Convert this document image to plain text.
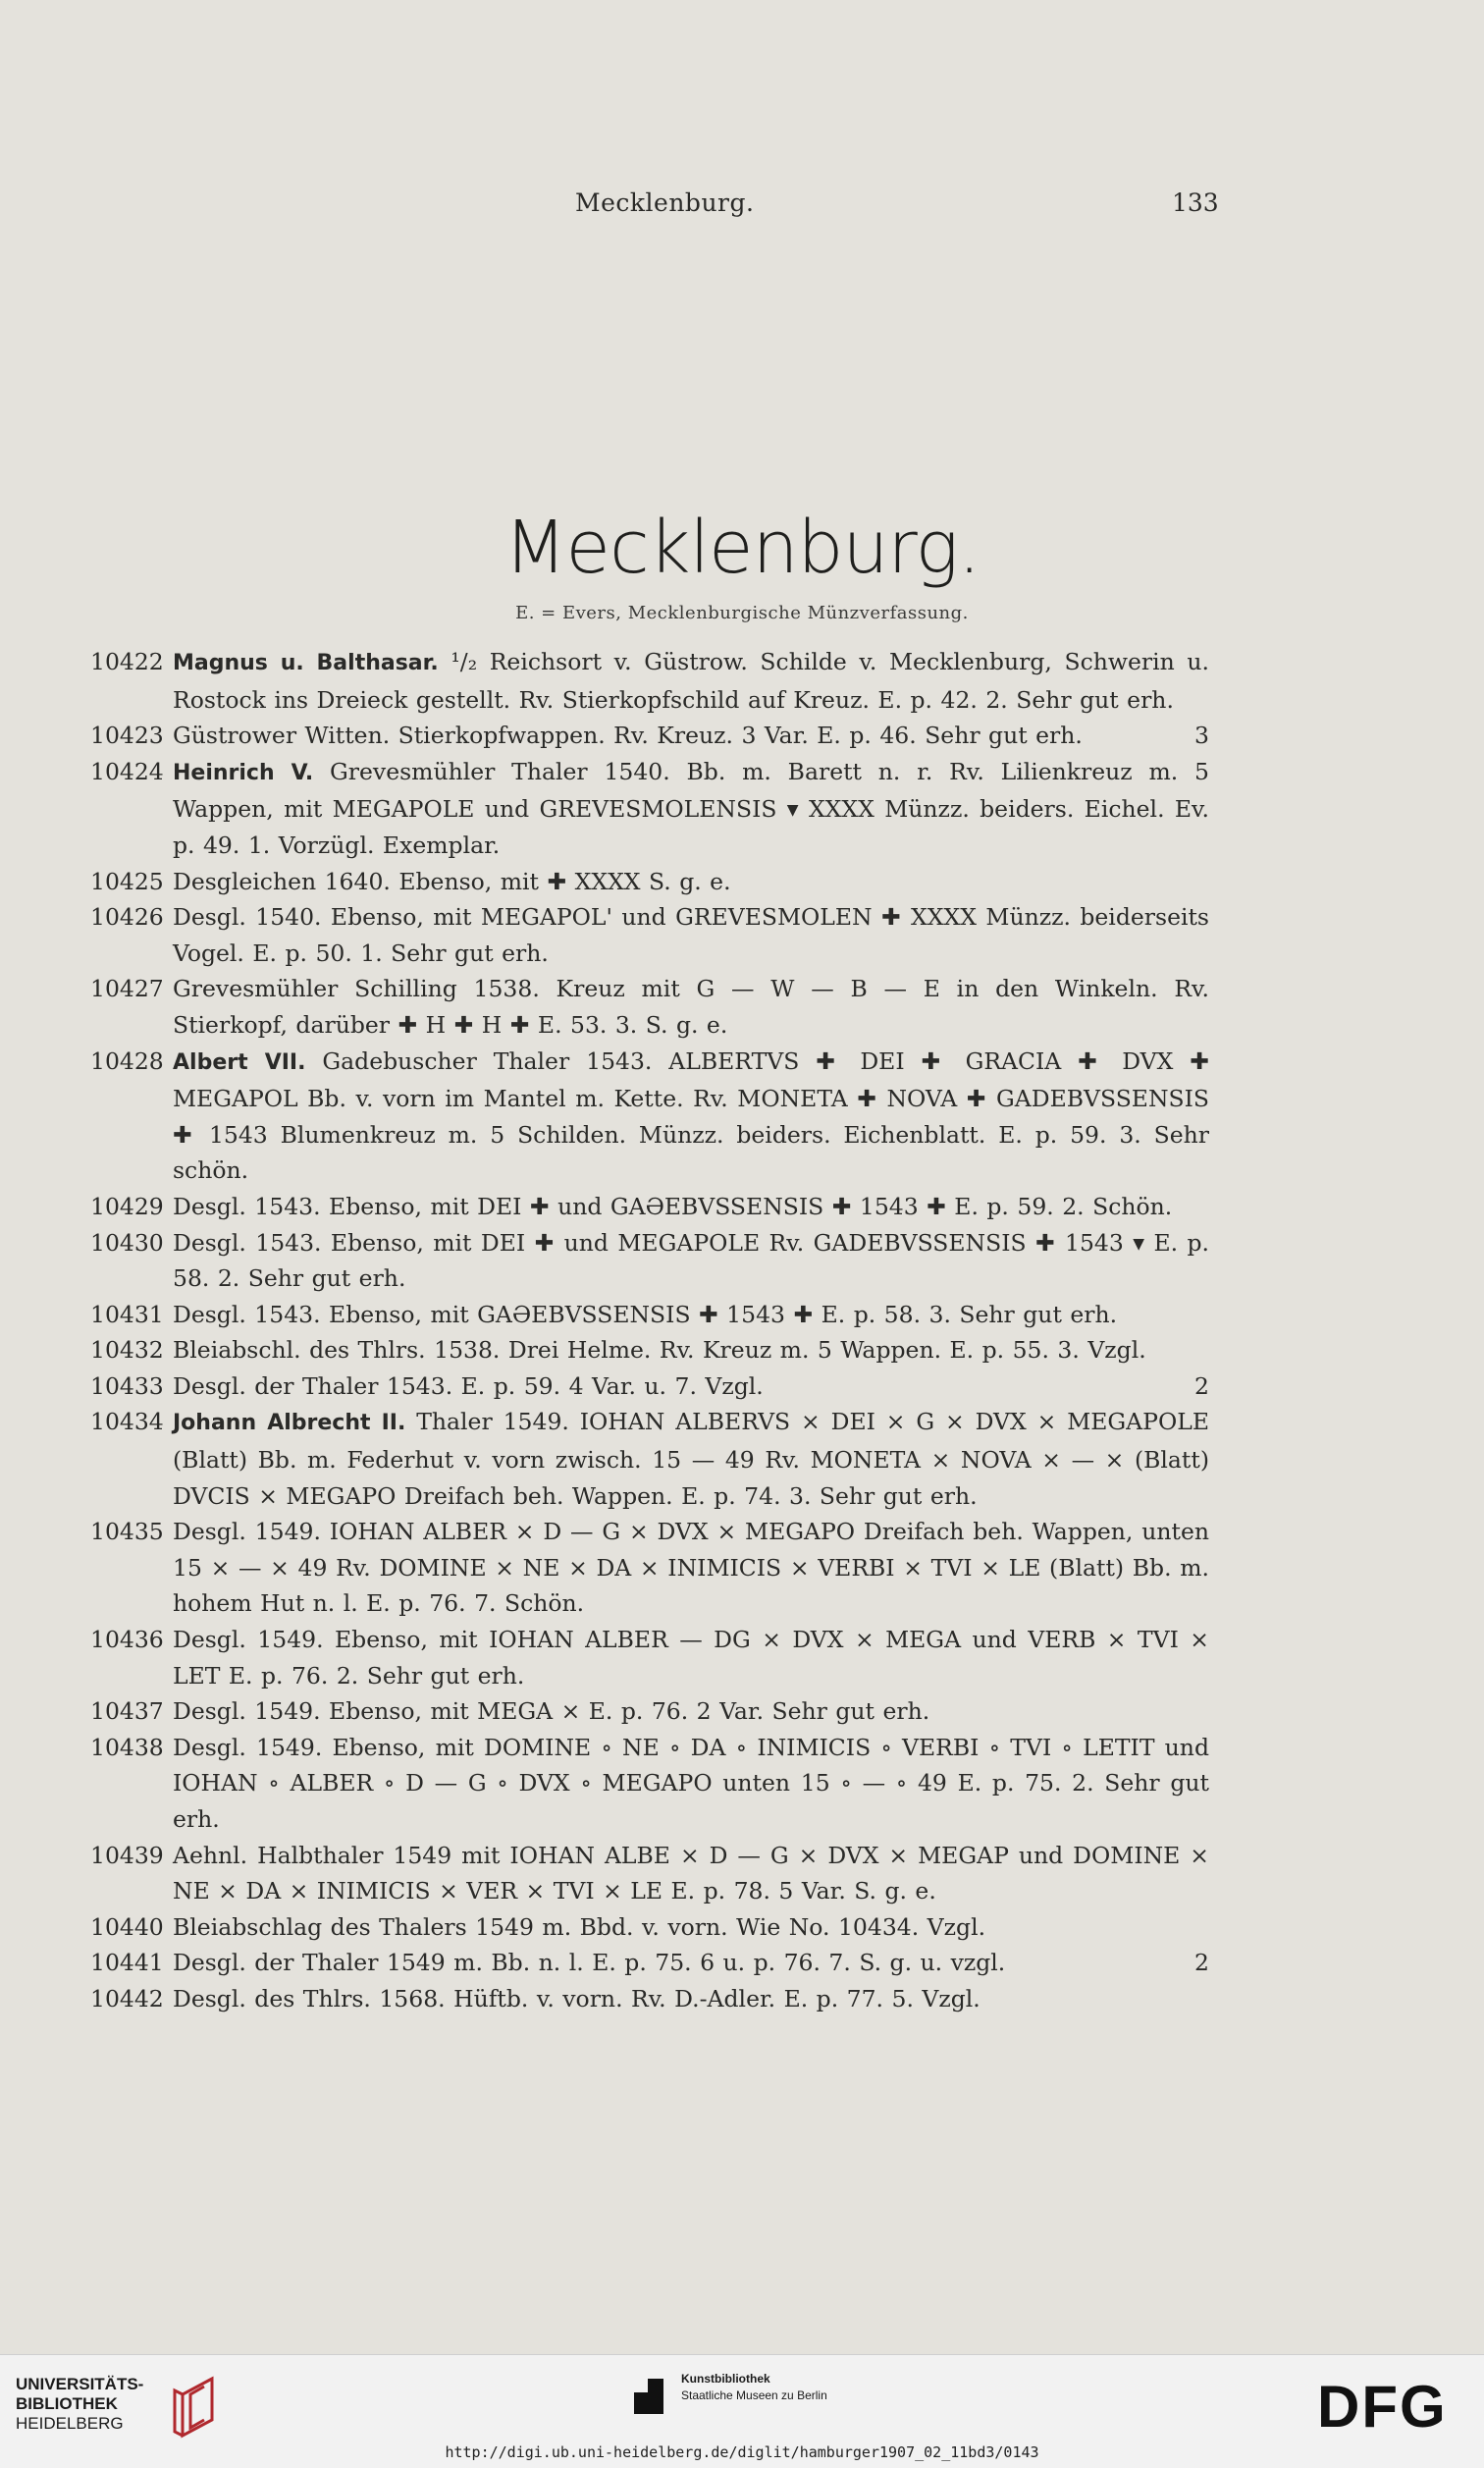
Mecklenburg.	133
Mecklenburg.
E. = Evers, Mecklenburgische Münzverfassung.
10422 Magnus u. Balthasar. ¹/₂ Reichsort v. Güstrow. Schilde v. Mecklenburg, Schwerin u. Rostock ins Dreieck gestellt. Rv. Stierkopfschild auf Kreuz. E. p. 42. 2. Sehr gut erh.
10423 Güstrower Witten. Stierkopfwappen. Rv. Kreuz. 3 Var. E. p. 46. Sehr gut erh.	3
10424 Heinrich V. Grevesmühler Thaler 1540. Bb. m. Barett n. r. Rv. Lilienkreuz m. 5 Wappen, mit MEGAPOLE und GREVESMOLENSIS ▾ XXXX Münzz. beiders. Eichel. Ev. p. 49. 1. Vorzügl. Exemplar.
10425 Desgleichen 1640. Ebenso, mit ✚ XXXX S. g. e.
10426 Desgl. 1540. Ebenso, mit MEGAPOL' und GREVESMOLEN ✚ XXXX Münzz. beiderseits Vogel. E. p. 50. 1. Sehr gut erh.
10427 Grevesmühler Schilling 1538. Kreuz mit G — W — B — E in den Winkeln. Rv. Stierkopf, darüber ✚ H ✚ H ✚ E. 53. 3. S. g. e.
10428 Albert VII. Gadebuscher Thaler 1543. ALBERTVS ✚ DEI ✚ GRACIA ✚ DVX ✚ MEGAPOL Bb. v. vorn im Mantel m. Kette. Rv. MONETA ✚ NOVA ✚ GADEBVSSENSIS ✚ 1543 Blumenkreuz m. 5 Schilden. Münzz. beiders. Eichenblatt. E. p. 59. 3. Sehr schön.
10429 Desgl. 1543. Ebenso, mit DEI ✚ und GAƏEBVSSENSIS ✚ 1543 ✚ E. p. 59. 2. Schön.
10430 Desgl. 1543. Ebenso, mit DEI ✚ und MEGAPOLE Rv. GADEBVSSENSIS ✚ 1543 ▾ E. p. 58. 2. Sehr gut erh.
10431 Desgl. 1543. Ebenso, mit GAƏEBVSSENSIS ✚ 1543 ✚ E. p. 58. 3. Sehr gut erh.
10432 Bleiabschl. des Thlrs. 1538. Drei Helme. Rv. Kreuz m. 5 Wappen. E. p. 55. 3. Vzgl.
10433 Desgl. der Thaler 1543. E. p. 59. 4 Var. u. 7. Vzgl.	2
10434 Johann Albrecht II. Thaler 1549. IOHAN ALBERVS × DEI × G × DVX × MEGAPOLE (Blatt) Bb. m. Federhut v. vorn zwisch. 15 — 49 Rv. MONETA × NOVA × — × (Blatt) DVCIS × MEGAPO Dreifach beh. Wappen. E. p. 74. 3. Sehr gut erh.
10435 Desgl. 1549. IOHAN ALBER × D — G × DVX × MEGAPO Dreifach beh. Wappen, unten 15 × — × 49 Rv. DOMINE × NE × DA × INIMICIS × VERBI × TVI × LE (Blatt) Bb. m. hohem Hut n. l. E. p. 76. 7. Schön.
10436 Desgl. 1549. Ebenso, mit IOHAN ALBER — DG × DVX × MEGA und VERB × TVI × LET E. p. 76. 2. Sehr gut erh.
10437 Desgl. 1549. Ebenso, mit MEGA × E. p. 76. 2 Var. Sehr gut erh.
10438 Desgl. 1549. Ebenso, mit DOMINE ∘ NE ∘ DA ∘ INIMICIS ∘ VERBI ∘ TVI ∘ LETIT und IOHAN ∘ ALBER ∘ D — G ∘ DVX ∘ MEGAPO unten 15 ∘ — ∘ 49 E. p. 75. 2. Sehr gut erh.
10439 Aehnl. Halbthaler 1549 mit IOHAN ALBE × D — G × DVX × MEGAP und DOMINE × NE × DA × INIMICIS × VER × TVI × LE E. p. 78. 5 Var. S. g. e.
10440 Bleiabschlag des Thalers 1549 m. Bbd. v. vorn. Wie No. 10434. Vzgl.
10441 Desgl. der Thaler 1549 m. Bb. n. l. E. p. 75. 6 u. p. 76. 7. S. g. u. vzgl.	2
10442 Desgl. des Thlrs. 1568. Hüftb. v. vorn. Rv. D.-Adler. E. p. 77. 5. Vzgl.
UNIVERSITÄTS-
BIBLIOTHEK
HEIDELBERG
Kunstbibliothek
Staatliche Museen zu Berlin	DFG
http://digi.ub.uni-heidelberg.de/diglit/hamburger1907_02_11bd3/0143
